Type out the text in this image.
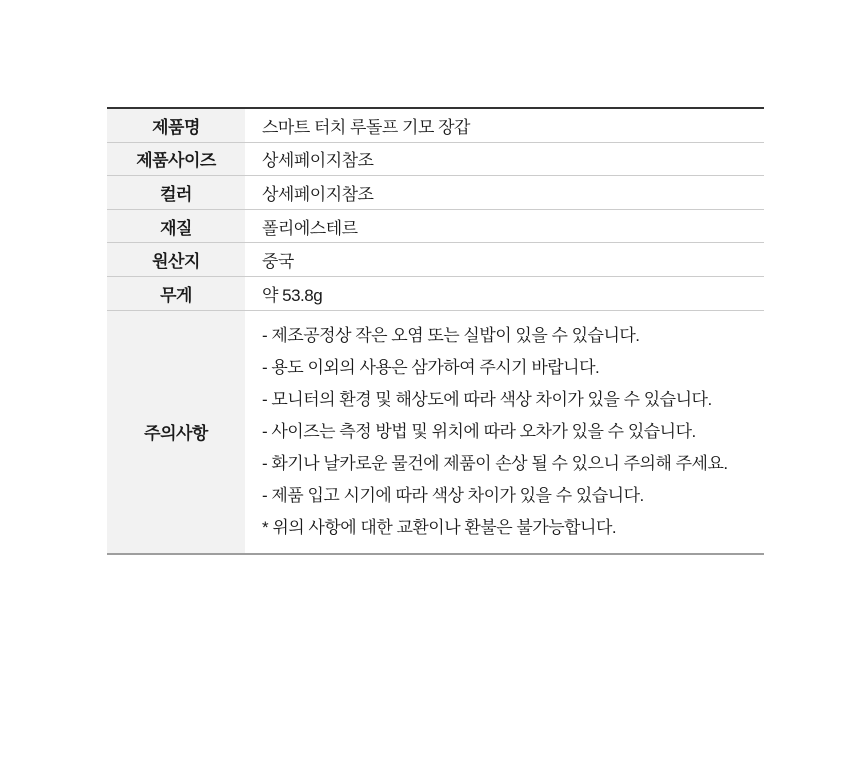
제품명	스마트 터치 루돌프 기모 장갑
제품사이즈	상세페이지참조
컬러	상세페이지참조
재질	폴리에스테르
원산지	중국
무게	약 53.8g
주의사항
- 제조공정상 작은 오염 또는 실밥이 있을 수 있습니다.
- 용도 이외의 사용은 삼가하여 주시기 바랍니다.
- 모니터의 환경 및 해상도에 따라 색상 차이가 있을 수 있습니다.
- 사이즈는 측정 방법 및 위치에 따라 오차가 있을 수 있습니다.
- 화기나 날카로운 물건에 제품이 손상 될 수 있으니 주의해 주세요.
- 제품 입고 시기에 따라 색상 차이가 있을 수 있습니다.
* 위의 사항에 대한 교환이나 환불은 불가능합니다.
